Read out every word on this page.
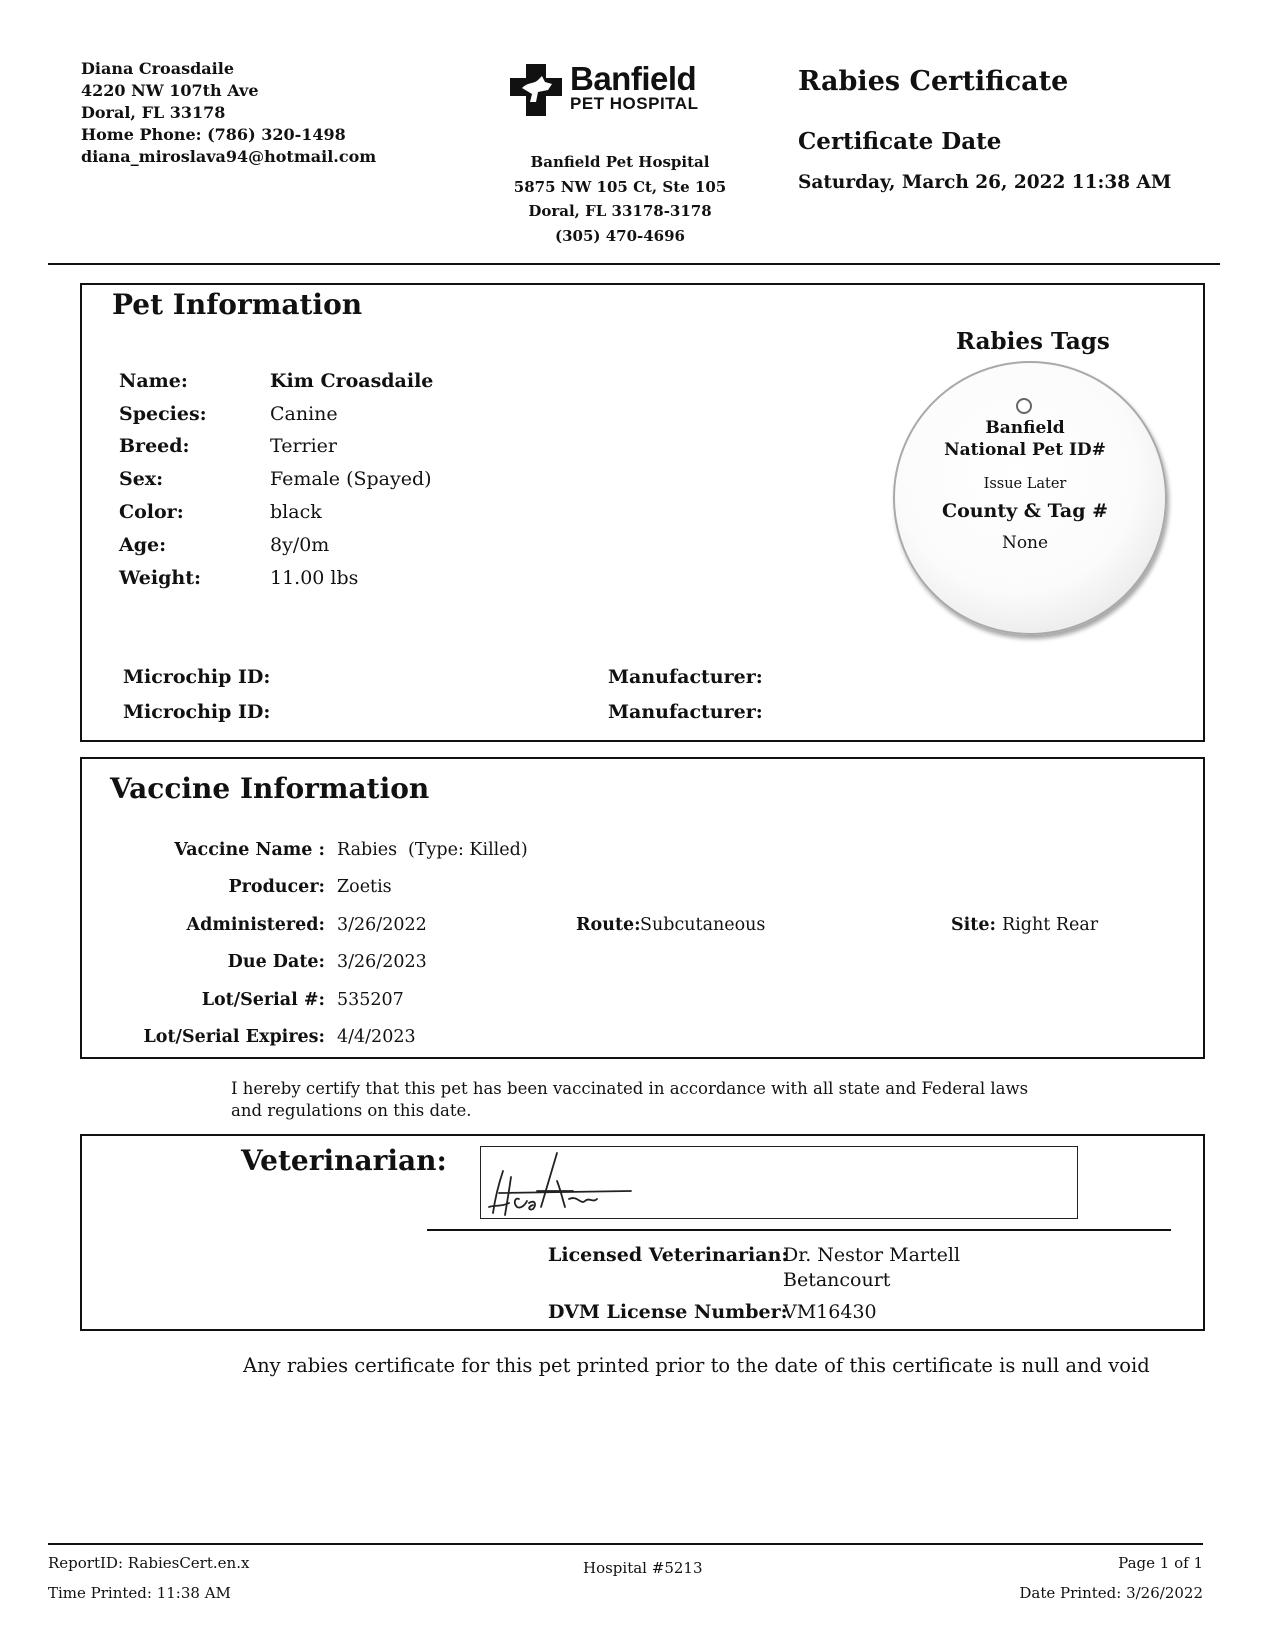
Diana Croasdaile
4220 NW 107th Ave
Doral, FL 33178
Home Phone: (786) 320-1498
diana_miroslava94@hotmail.com
Banfield
PET HOSPITAL
Banfield Pet Hospital
5875 NW 105 Ct, Ste 105
Doral, FL 33178-3178
(305) 470-4696
Rabies Certificate
Certificate Date
Saturday, March 26, 2022 11:38 AM
Pet Information
Name:	Kim Croasdaile
Species:	Canine
Breed:	Terrier
Sex:	Female (Spayed)
Color:	black
Age:	8y/0m
Weight:	11.00 lbs
Rabies Tags
Banfield
National Pet ID#
Issue Later
County & Tag #
None
Microchip ID:	Manufacturer:
Microchip ID:	Manufacturer:
Vaccine Information
Vaccine Name : Rabies (Type: Killed)
Producer: Zoetis
Administered: 3/26/2022	Route: Subcutaneous	Site: Right Rear
Due Date: 3/26/2023
Lot/Serial #: 535207
Lot/Serial Expires: 4/4/2023
I hereby certify that this pet has been vaccinated in accordance with all state and Federal laws and regulations on this date.
Veterinarian:
Licensed Veterinarian:
Dr. Nestor Martell
Betancourt
DVM License Number:
VM16430
Any rabies certificate for this pet printed prior to the date of this certificate is null and void
ReportID: RabiesCert.en.x
Time Printed: 11:38 AM
Hospital #5213	Page 1 of 1
Date Printed: 3/26/2022
